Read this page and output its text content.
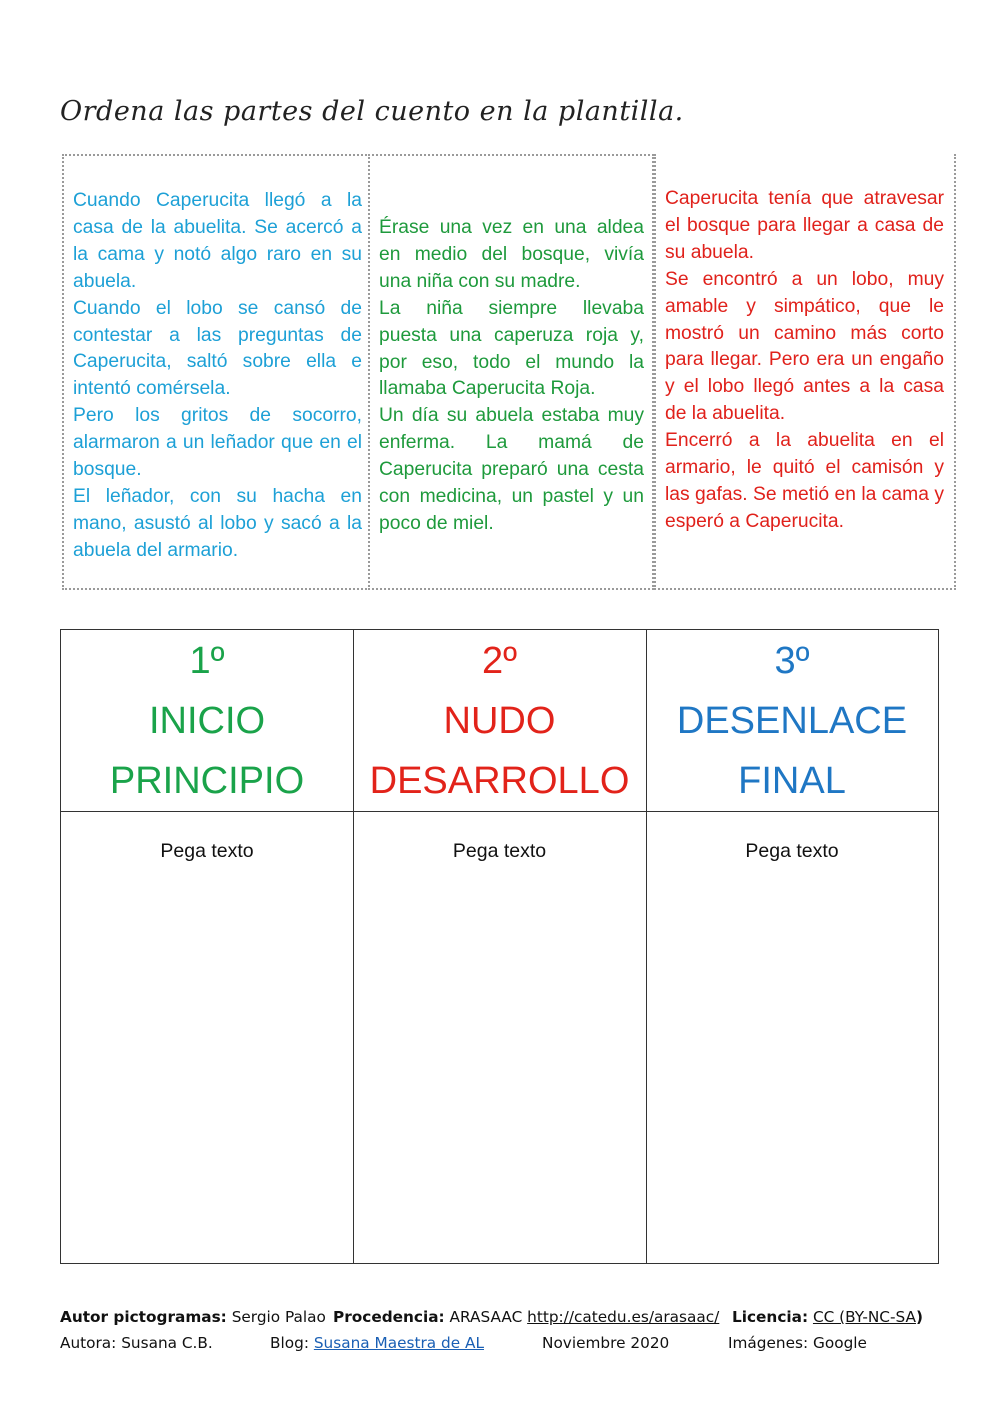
Ordena las partes del cuento en la plantilla.

Cuando Caperucita llegó a la casa de la abuelita. Se acercó a la cama y notó algo raro en su abuela.

Cuando el lobo se cansó de contestar a las preguntas de Caperucita, saltó sobre ella e intentó comérsela.

Pero los gritos de socorro, alarmaron a un leñador que en el bosque.

El leñador, con su hacha en mano, asustó al lobo y sacó a la abuela del armario.

Érase una vez en una aldea en medio del bosque, vivía una niña con su madre.

La niña siempre llevaba puesta una caperuza roja y, por eso, todo el mundo la llamaba Caperucita Roja.

Un día su abuela estaba muy enferma. La mamá de Caperucita preparó una cesta con medicina, un pastel y un poco de miel.

Caperucita tenía que atravesar el bosque para llegar a casa de su abuela.

Se encontró a un lobo, muy amable y simpático, que le mostró un camino más corto para llegar. Pero era un engaño y el lobo llegó antes a la casa de la abuelita.

Encerró a la abuelita en el armario, le quitó el camisón y las gafas. Se metió en la cama y esperó a Caperucita.

1º
INICIO
PRINCIPIO
2º
NUDO
DESARROLLO
3º
DESENLACE
FINAL
Pega texto	Pega texto	Pega texto
Autor pictogramas: Sergio Palao Procedencia: ARASAAC http://catedu.es/arasaac/ Licencia: CC (BY-NC-SA)
Autora: Susana C.B.	Blog: Susana Maestra de AL	Noviembre 2020	Imágenes: Google
